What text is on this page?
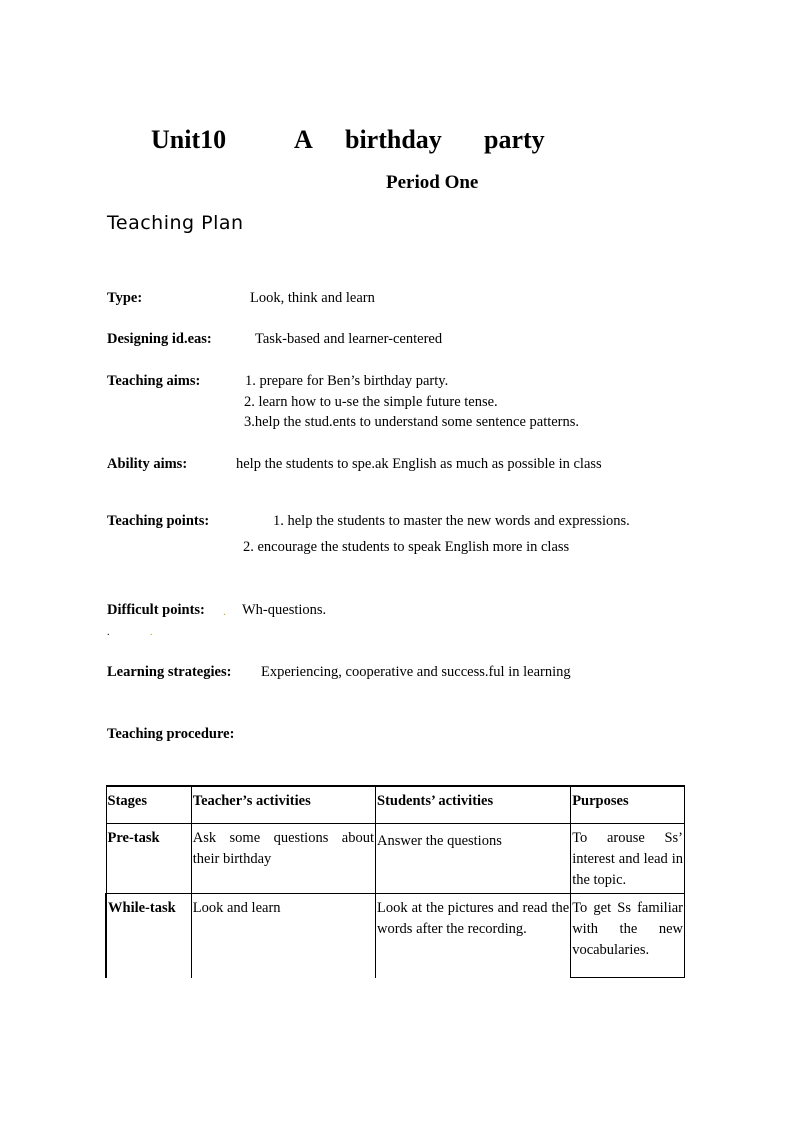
Unit10	A birthday party
Period One
Teaching Plan
Type:	Look, think and learn
Designing id.eas:	Task-based and learner-centered
Teaching aims:	1. prepare for Ben’s birthday party.
2. learn how to u-se the simple future tense.
3.help the stud.ents to understand some sentence patterns.
Ability aims:	help the students to spe.ak English as much as possible in class
Teaching points:	1. help the students to master the new words and expressions.
2. encourage the students to speak English more in class
Difficult points: . Wh-questions.
.	.
Learning strategies: Experiencing, cooperative and success.ful in learning
Teaching procedure:
Stages	Teacher’s activities	Students’ activities	Purposes
Pre-task	Ask some questions about their birthday	Answer the questions	To arouse Ss’ interest and lead in the topic.
While-task	Look and learn	Look at the pictures and read the words after the recording.	To get Ss familiar with the new vocabularies.
